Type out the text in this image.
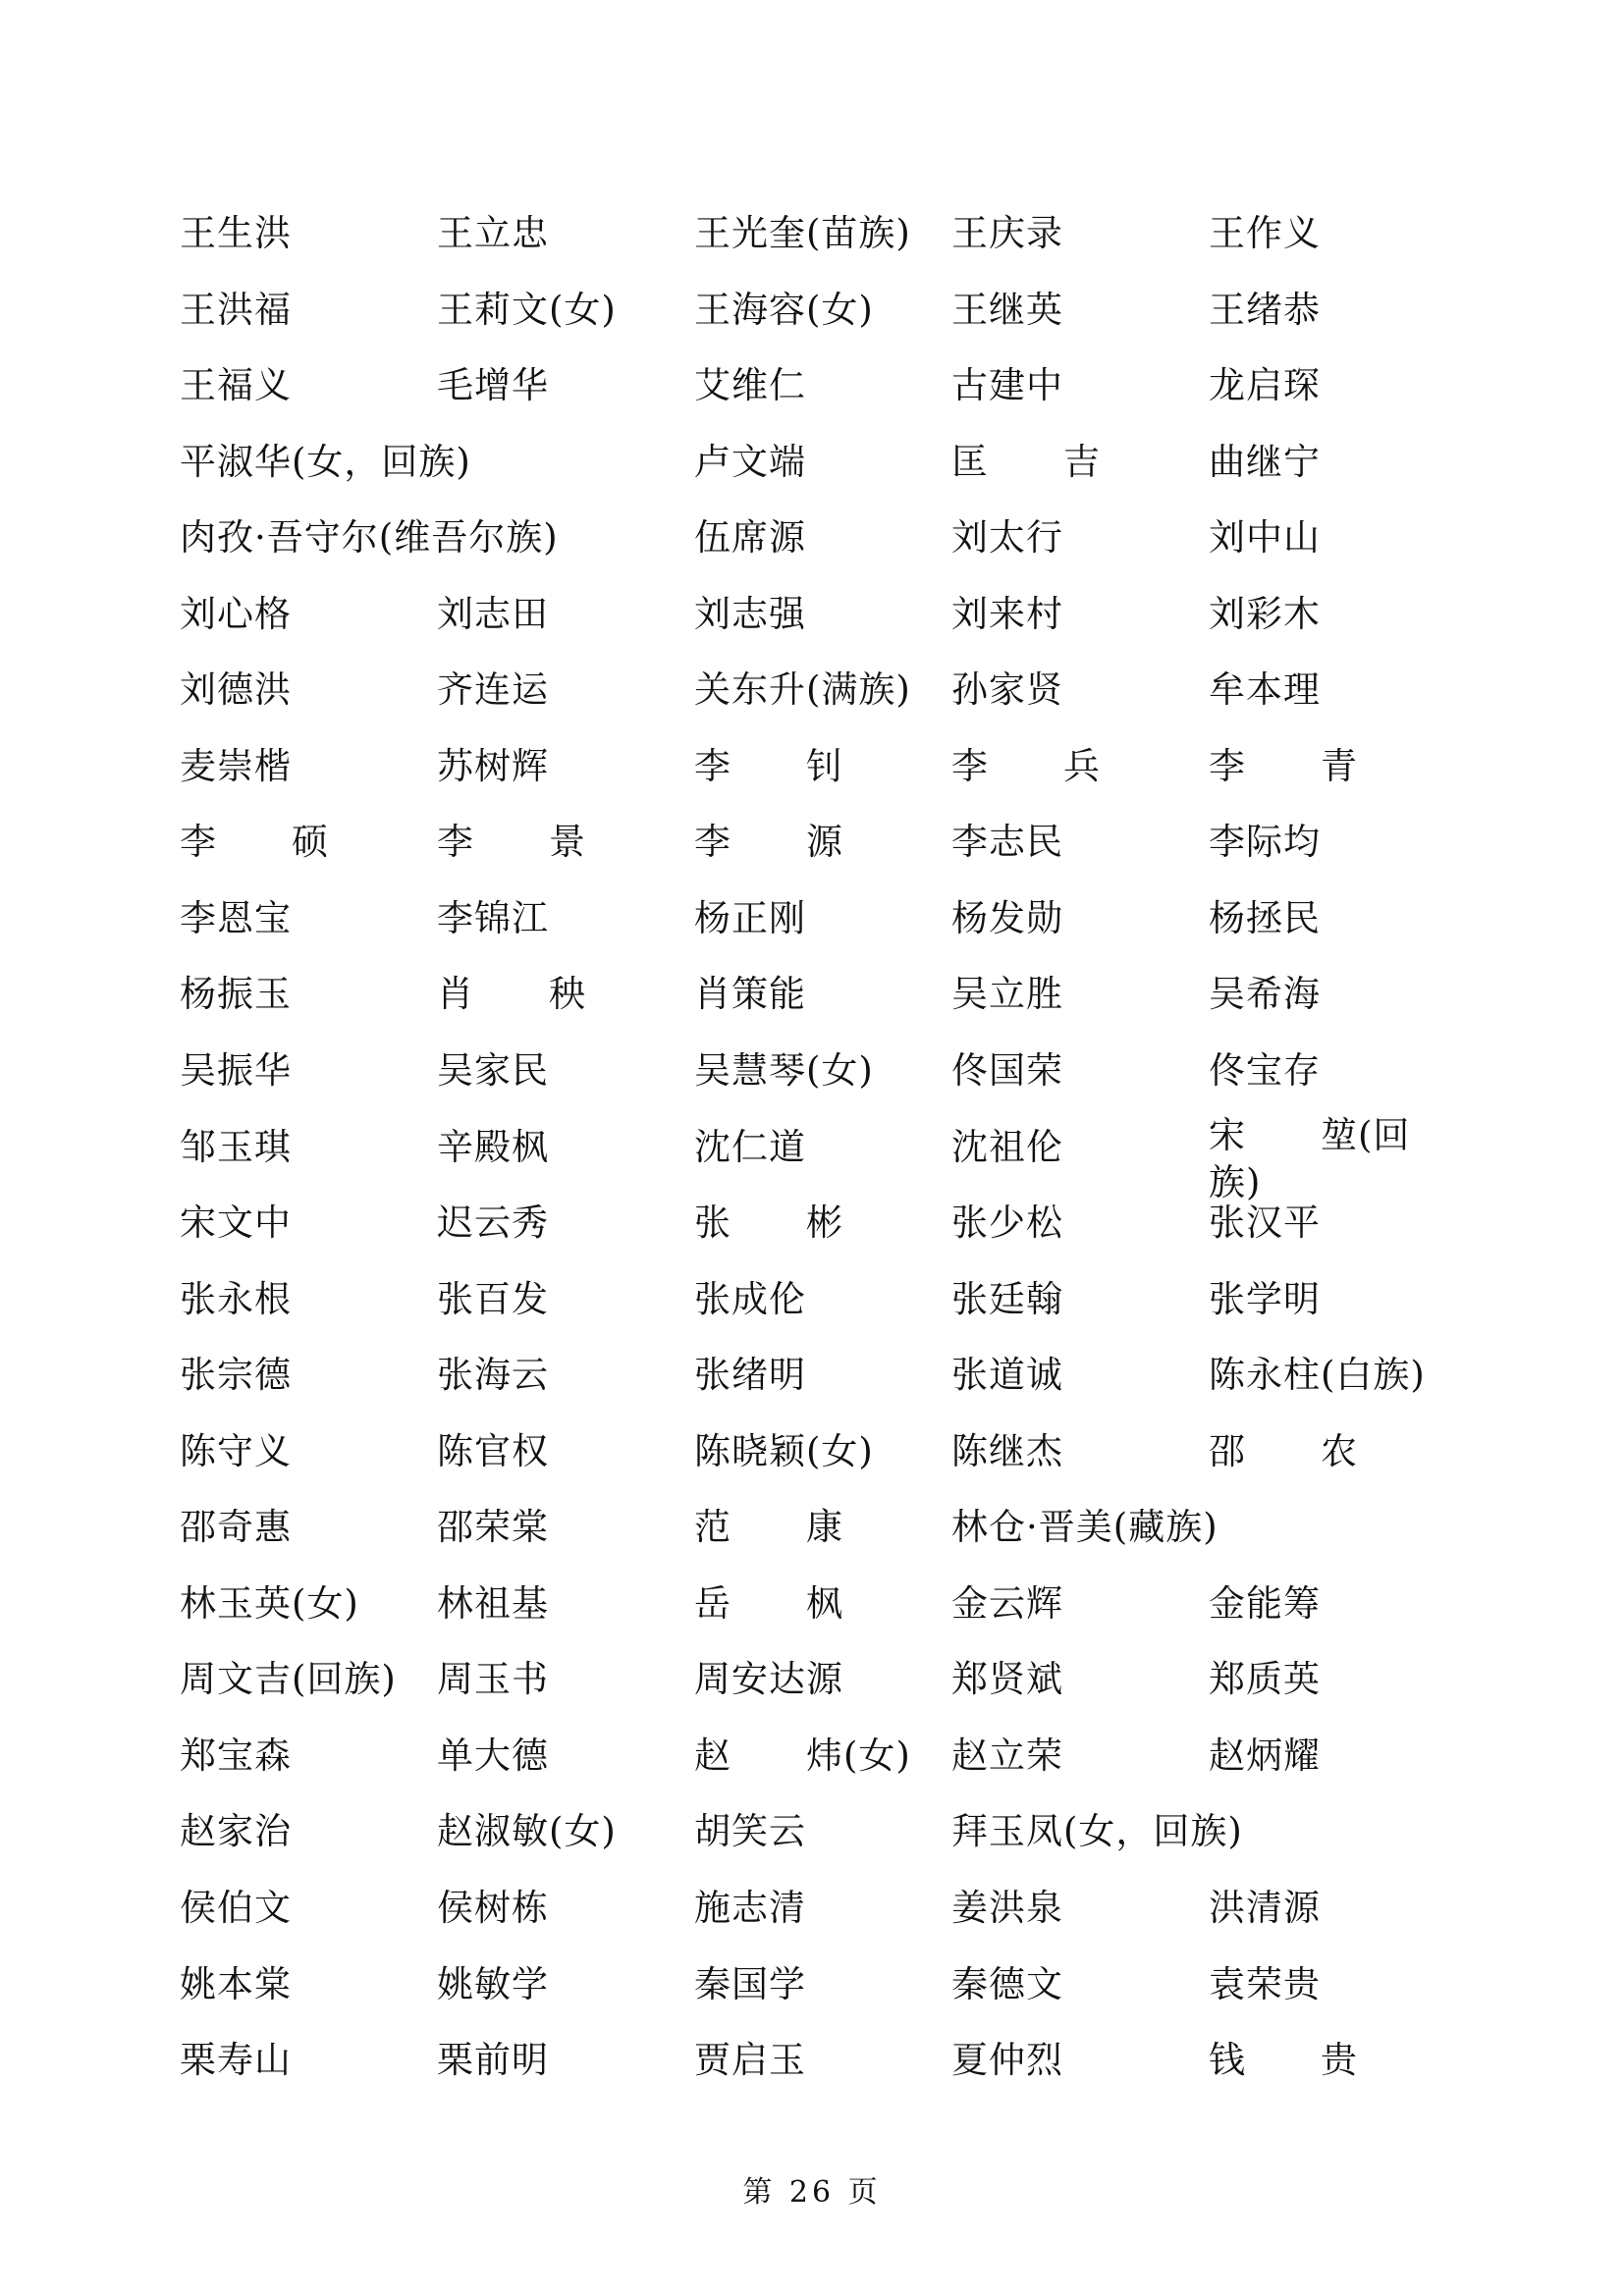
王生洪	王立忠	王光奎(苗族) 王庆录	王作义
王洪福	王莉文(女) 王海容(女) 王继英	王绪恭
王福义	毛增华	艾维仁	古建中	龙启琛
平淑华(女，回族)	卢文端	匡　　吉	曲继宁
肉孜·吾守尔(维吾尔族)	伍席源	刘太行	刘中山
刘心格	刘志田	刘志强	刘来村	刘彩木
刘德洪	齐连运	关东升(满族) 孙家贤	牟本理
麦崇楷	苏树辉	李　　钊	李　　兵	李　　青
李　　硕	李　　景	李　　源	李志民	李际均
李恩宝	李锦江	杨正刚	杨发勋	杨拯民
杨振玉	肖　　秧	肖策能	吴立胜	吴希海
吴振华	吴家民	吴慧琴(女) 佟国荣	佟宝存
邹玉琪	辛殿枫	沈仁道	沈祖伦	宋　　堃(回族)
宋文中	迟云秀	张　　彬	张少松	张汉平
张永根	张百发	张成伦	张廷翰	张学明
张宗德	张海云	张绪明	张道诚	陈永柱(白族)
陈守义	陈官权	陈晓颖(女) 陈继杰	邵　　农
邵奇惠	邵荣棠	范　　康	林仓·晋美(藏族)
林玉英(女) 林祖基	岳　　枫	金云辉	金能筹
周文吉(回族) 周玉书	周安达源	郑贤斌	郑质英
郑宝森	单大德	赵　　炜(女) 赵立荣	赵炳耀
赵家治	赵淑敏(女) 胡笑云	拜玉凤(女，回族)
侯伯文	侯树栋	施志清	姜洪泉	洪清源
姚本棠	姚敏学	秦国学	秦德文	袁荣贵
栗寿山	栗前明	贾启玉	夏仲烈	钱　　贵
第 26 页
